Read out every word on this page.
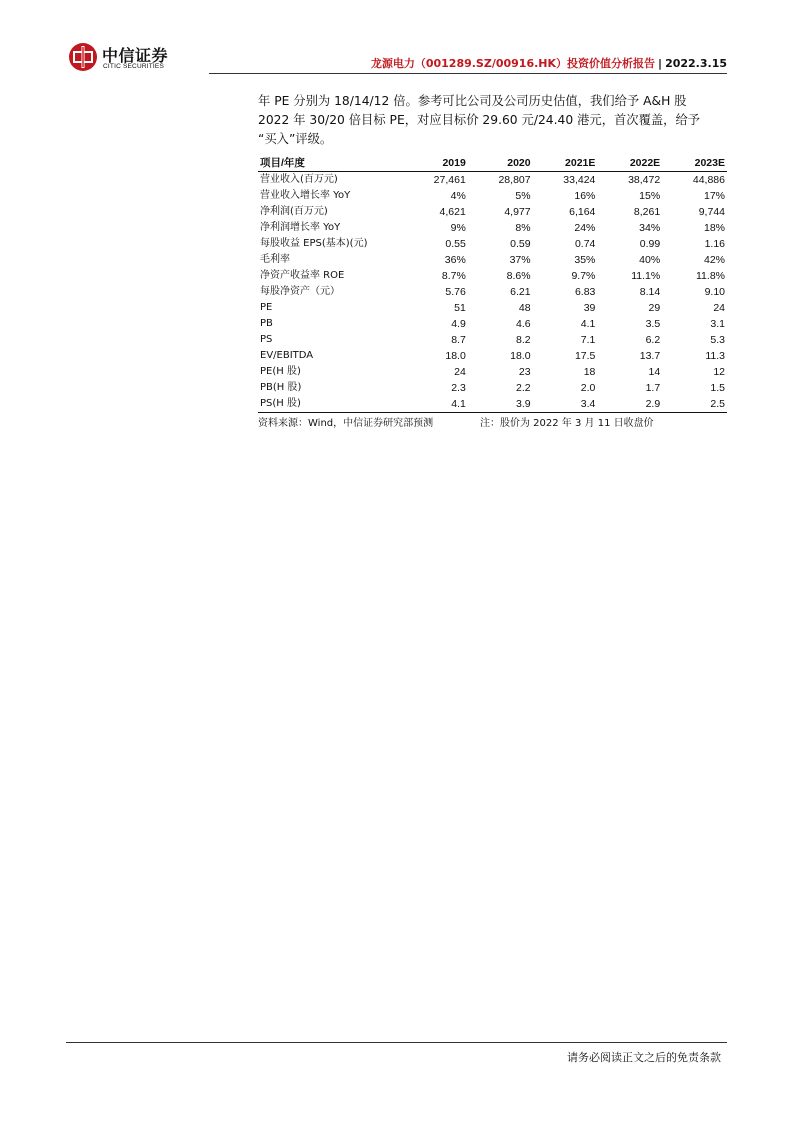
中信证券
CITIC SECURITIES	龙源电力（001289.SZ/00916.HK）投资价值分析报告 | 2022.3.15

年 PE 分别为 18/14/12 倍。参考可比公司及公司历史估值，我们给予 A&H 股
2022 年 30/20 倍目标 PE，对应目标价 29.60 元/24.40 港元，首次覆盖，给予
“买入”评级。

项目/年度	2019	2020	2021E	2022E	2023E
营业收入(百万元)	27,461	28,807	33,424	38,472	44,886
营业收入增长率 YoY	4%	5%	16%	15%	17%
净利润(百万元)	4,621	4,977	6,164	8,261	9,744
净利润增长率 YoY	9%	8%	24%	34%	18%
每股收益 EPS(基本)(元)	0.55	0.59	0.74	0.99	1.16
毛利率	36%	37%	35%	40%	42%
净资产收益率 ROE	8.7%	8.6%	9.7%	11.1%	11.8%
每股净资产（元）	5.76	6.21	6.83	8.14	9.10
PE	51	48	39	29	24
PB	4.9	4.6	4.1	3.5	3.1
PS	8.7	8.2	7.1	6.2	5.3
EV/EBITDA	18.0	18.0	17.5	13.7	11.3
PE(H 股)	24	23	18	14	12
PB(H 股)	2.3	2.2	2.0	1.7	1.5
PS(H 股)	4.1	3.9	3.4	2.9	2.5
资料来源：Wind，中信证券研究部预测	注：股价为 2022 年 3 月 11 日收盘价
请务必阅读正文之后的免责条款
